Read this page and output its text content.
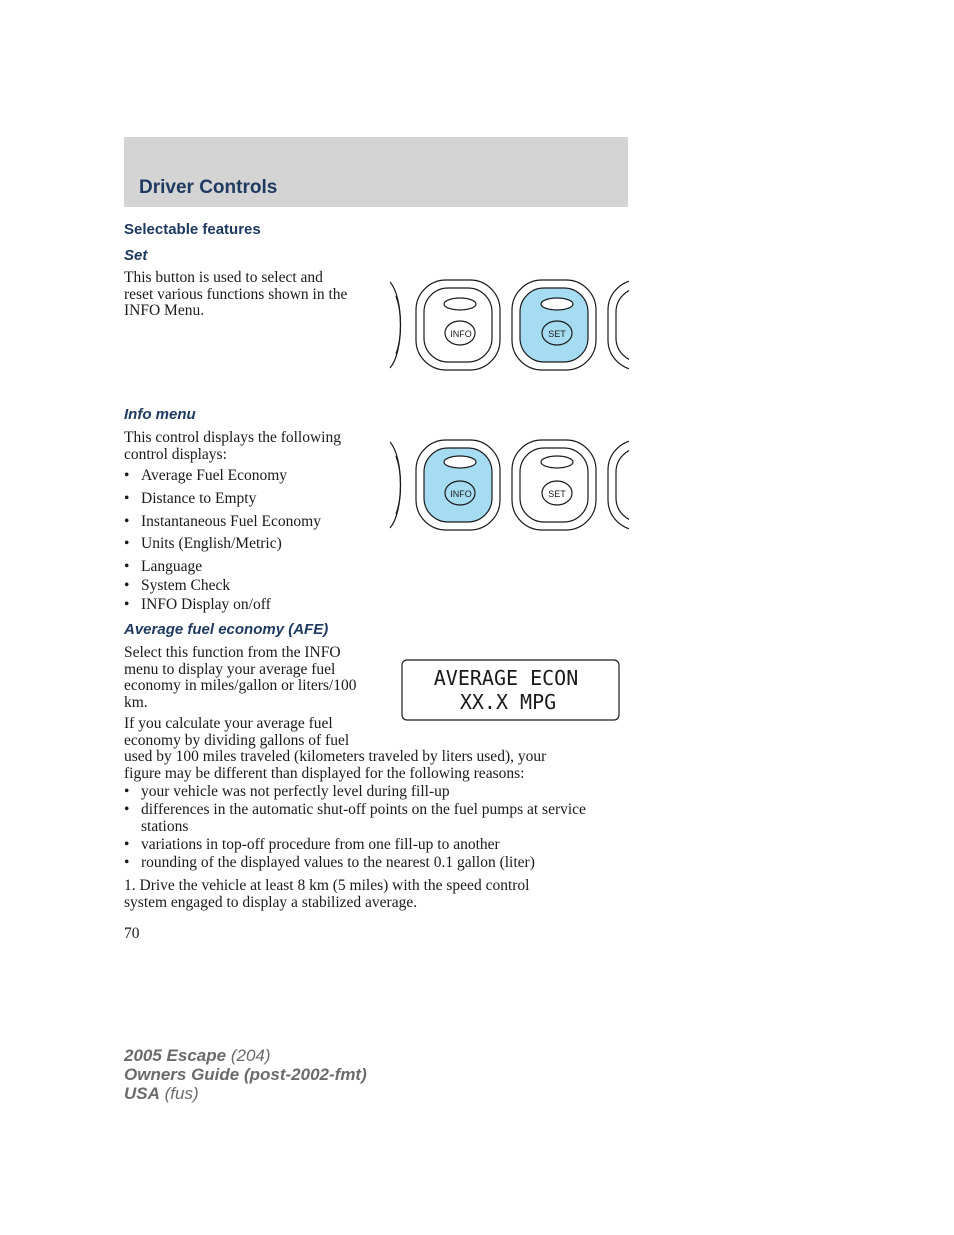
Driver Controls
Selectable features
Set
This button is used to select and
reset various functions shown in the
INFO Menu.
INFO	SET
Info menu
This control displays the following
control displays:
• Average Fuel Economy
• Distance to Empty
• Instantaneous Fuel Economy
• Units (English/Metric)
• Language
• System Check
• INFO Display on/off
INFO	SET
Average fuel economy (AFE)
Select this function from the INFO
menu to display your average fuel
economy in miles/gallon or liters/100
km.
AVERAGE ECON
XX.X MPG
If you calculate your average fuel
economy by dividing gallons of fuel
used by 100 miles traveled (kilometers traveled by liters used), your
figure may be different than displayed for the following reasons:
• your vehicle was not perfectly level during fill-up
• differences in the automatic shut-off points on the fuel pumps at service stations
• variations in top-off procedure from one fill-up to another
• rounding of the displayed values to the nearest 0.1 gallon (liter)
1. Drive the vehicle at least 8 km (5 miles) with the speed control
system engaged to display a stabilized average.
70
2005 Escape (204)
Owners Guide (post-2002-fmt)
USA (fus)
